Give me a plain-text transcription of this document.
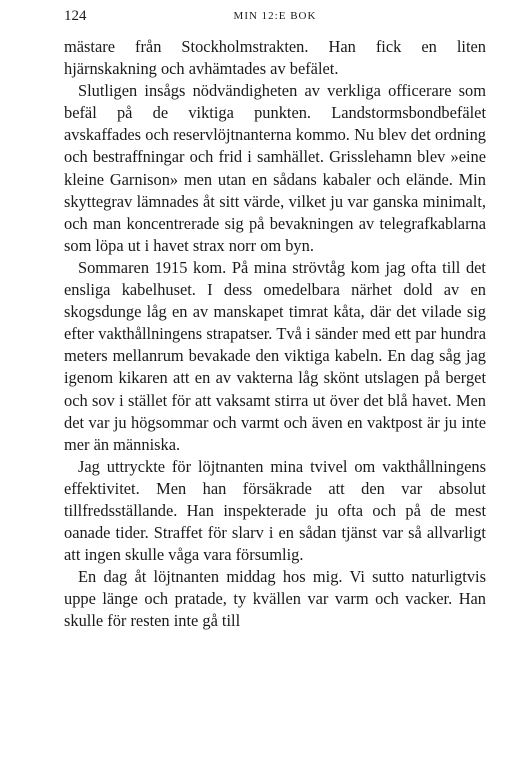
124	MIN 12:E BOK

mästare från Stockholmstrakten. Han fick en liten hjärnskakning och avhämtades av befälet.

Slutligen insågs nödvändigheten av verkliga officerare som befäl på de viktiga punkten. Landstormsbondbefälet avskaffades och reservlöjtnanterna kommo. Nu blev det ordning och bestraffningar och frid i samhället. Grisslehamn blev »eine kleine Garnison» men utan en sådans kabaler och elände. Min skyttegrav lämnades åt sitt värde, vilket ju var ganska minimalt, och man koncentrerade sig på bevakningen av telegrafkablarna som löpa ut i havet strax norr om byn.

Sommaren 1915 kom. På mina strövtåg kom jag ofta till det ensliga kabelhuset. I dess omedelbara närhet dold av en skogsdunge låg en av manskapet timrat kåta, där det vilade sig efter vakthållningens strapatser. Två i sänder med ett par hundra meters mellanrum bevakade den viktiga kabeln. En dag såg jag igenom kikaren att en av vakterna låg skönt utslagen på berget och sov i stället för att vaksamt stirra ut över det blå havet. Men det var ju högsommar och varmt och även en vaktpost är ju inte mer än människa.

Jag uttryckte för löjtnanten mina tvivel om vakthållningens effektivitet. Men han försäkrade att den var absolut tillfredsställande. Han inspekterade ju ofta och på de mest oanade tider. Straffet för slarv i en sådan tjänst var så allvarligt att ingen skulle våga vara försumlig.

En dag åt löjtnanten middag hos mig. Vi sutto naturligtvis uppe länge och pratade, ty kvällen var varm och vacker. Han skulle för resten inte gå till
